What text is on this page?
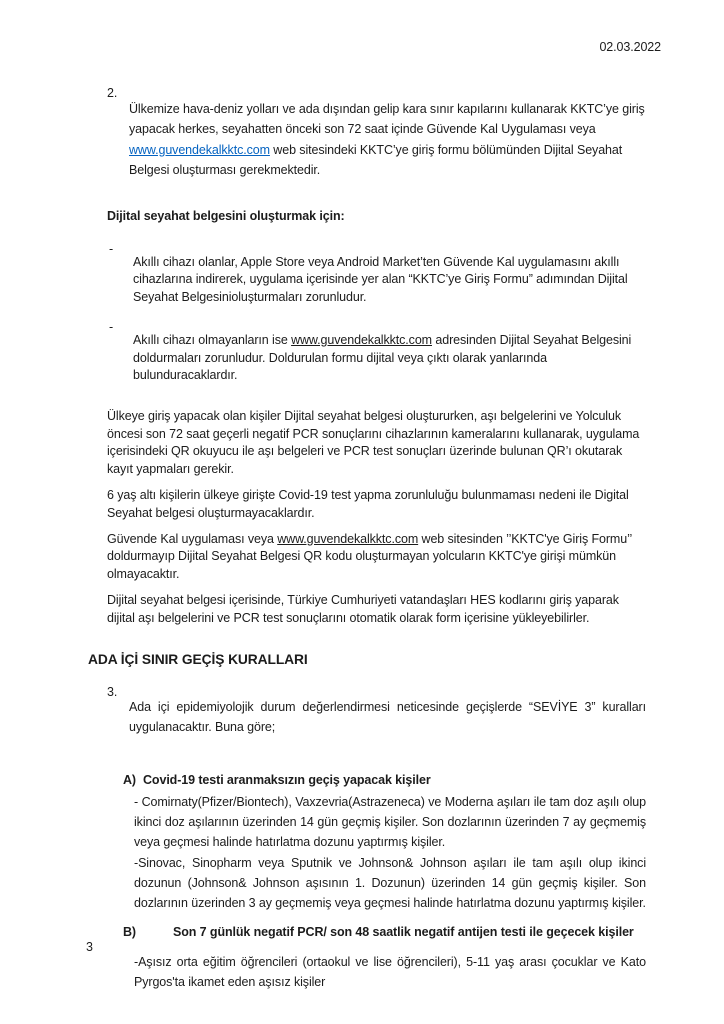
02.03.2022
2.

Ülkemize hava-deniz yolları ve ada dışından gelip kara sınır kapılarını kullanarak KKTC’ye giriş yapacak herkes, seyahatten önceki son 72 saat içinde Güvende Kal Uygulaması veya www.guvendekalkktc.com web sitesindeki KKTC’ye giriş formu bölümünden Dijital Seyahat Belgesi oluşturması gerekmektedir.

Dijital seyahat belgesini oluşturmak için:
-

Akıllı cihazı olanlar, Apple Store veya Android Market’ten Güvende Kal uygulamasını akıllı cihazlarına indirerek, uygulama içerisinde yer alan “KKTC’ye Giriş Formu” adımından Dijital Seyahat Belgesinioluşturmaları zorunludur.

-

Akıllı cihazı olmayanların ise www.guvendekalkktc.com adresinden Dijital Seyahat Belgesini doldurmaları zorunludur. Doldurulan formu dijital veya çıktı olarak yanlarında bulunduracaklardır.

Ülkeye giriş yapacak olan kişiler Dijital seyahat belgesi oluştururken, aşı belgelerini ve Yolculuk öncesi son 72 saat geçerli negatif PCR sonuçlarını cihazlarının kameralarını kullanarak, uygulama içerisindeki QR okuyucu ile aşı belgeleri ve PCR test sonuçları üzerinde bulunan QR’ı okutarak kayıt yapmaları gerekir.

6 yaş altı kişilerin ülkeye girişte Covid-19 test yapma zorunluluğu bulunmaması nedeni ile Digital Seyahat belgesi oluşturmayacaklardır.

Güvende Kal uygulaması veya www.guvendekalkktc.com web sitesinden ’’KKTC'ye Giriş Formu’’ doldurmayıp Dijital Seyahat Belgesi QR kodu oluşturmayan yolcuların KKTC'ye girişi mümkün olmayacaktır.

Dijital seyahat belgesi içerisinde, Türkiye Cumhuriyeti vatandaşları HES kodlarını giriş yaparak dijital aşı belgelerini ve PCR test sonuçlarını otomatik olarak form içerisine yükleyebilirler.

ADA İÇİ SINIR GEÇİŞ KURALLARI
3.

Ada içi epidemiyolojik durum değerlendirmesi neticesinde geçişlerde “SEVİYE 3” kuralları uygulanacaktır. Buna göre;

A) Covid-19 testi aranmaksızın geçiş yapacak kişiler

- Comirnaty(Pfizer/Biontech), Vaxzevria(Astrazeneca) ve Moderna aşıları ile tam doz aşılı olup ikinci doz aşılarının üzerinden 14 gün geçmiş kişiler. Son dozlarının üzerinden 7 ay geçmemiş veya geçmesi halinde hatırlatma dozunu yaptırmış kişiler.

-Sinovac, Sinopharm veya Sputnik ve Johnson& Johnson aşıları ile tam aşılı olup ikinci dozunun (Johnson& Johnson aşısının 1. Dozunun) üzerinden 14 gün geçmiş kişiler. Son dozlarının üzerinden 3 ay geçmemiş veya geçmesi halinde hatırlatma dozunu yaptırmış kişiler.

B)	Son 7 günlük negatif PCR/ son 48 saatlik negatif antijen testi ile geçecek kişiler

-Aşısız orta eğitim öğrencileri (ortaokul ve lise öğrencileri), 5-11 yaş arası çocuklar ve Kato Pyrgos'ta ikamet eden aşısız kişiler

3
